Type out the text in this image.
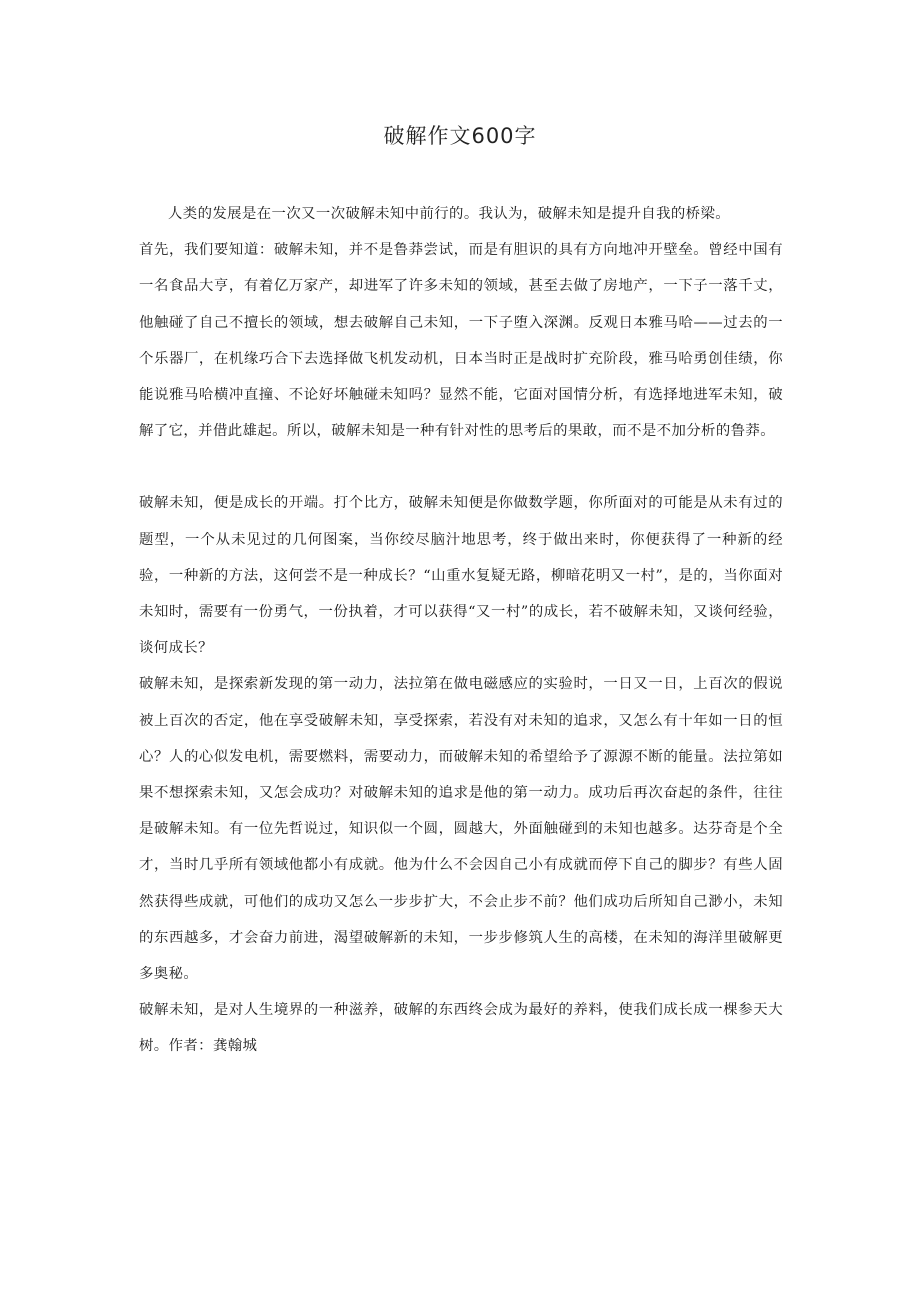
破解作文600字

人类的发展是在一次又一次破解未知中前行的。我认为，破解未知是提升自我的桥梁。

首先，我们要知道：破解未知，并不是鲁莽尝试，而是有胆识的具有方向地冲开壁垒。曾经中国有一名食品大亨，有着亿万家产，却进军了许多未知的领域，甚至去做了房地产，一下子一落千丈，他触碰了自己不擅长的领域，想去破解自己未知，一下子堕入深渊。反观日本雅马哈——过去的一个乐器厂，在机缘巧合下去选择做飞机发动机，日本当时正是战时扩充阶段，雅马哈勇创佳绩，你能说雅马哈横冲直撞、不论好坏触碰未知吗？显然不能，它面对国情分析，有选择地进军未知，破解了它，并借此雄起。所以，破解未知是一种有针对性的思考后的果敢，而不是不加分析的鲁莽。

破解未知，便是成长的开端。打个比方，破解未知便是你做数学题，你所面对的可能是从未有过的题型，一个从未见过的几何图案，当你绞尽脑汁地思考，终于做出来时，你便获得了一种新的经验，一种新的方法，这何尝不是一种成长？“山重水复疑无路，柳暗花明又一村”，是的，当你面对未知时，需要有一份勇气，一份执着，才可以获得“又一村”的成长，若不破解未知，又谈何经验，谈何成长？

破解未知，是探索新发现的第一动力，法拉第在做电磁感应的实验时，一日又一日，上百次的假说被上百次的否定，他在享受破解未知，享受探索，若没有对未知的追求，又怎么有十年如一日的恒心？人的心似发电机，需要燃料，需要动力，而破解未知的希望给予了源源不断的能量。法拉第如果不想探索未知，又怎会成功？对破解未知的追求是他的第一动力。成功后再次奋起的条件，往往是破解未知。有一位先哲说过，知识似一个圆，圆越大，外面触碰到的未知也越多。达芬奇是个全才，当时几乎所有领域他都小有成就。他为什么不会因自己小有成就而停下自己的脚步？有些人固然获得些成就，可他们的成功又怎么一步步扩大，不会止步不前？他们成功后所知自己渺小，未知的东西越多，才会奋力前进，渴望破解新的未知，一步步修筑人生的高楼，在未知的海洋里破解更多奥秘。

破解未知，是对人生境界的一种滋养，破解的东西终会成为最好的养料，使我们成长成一棵参天大树。作者：龚翰城
